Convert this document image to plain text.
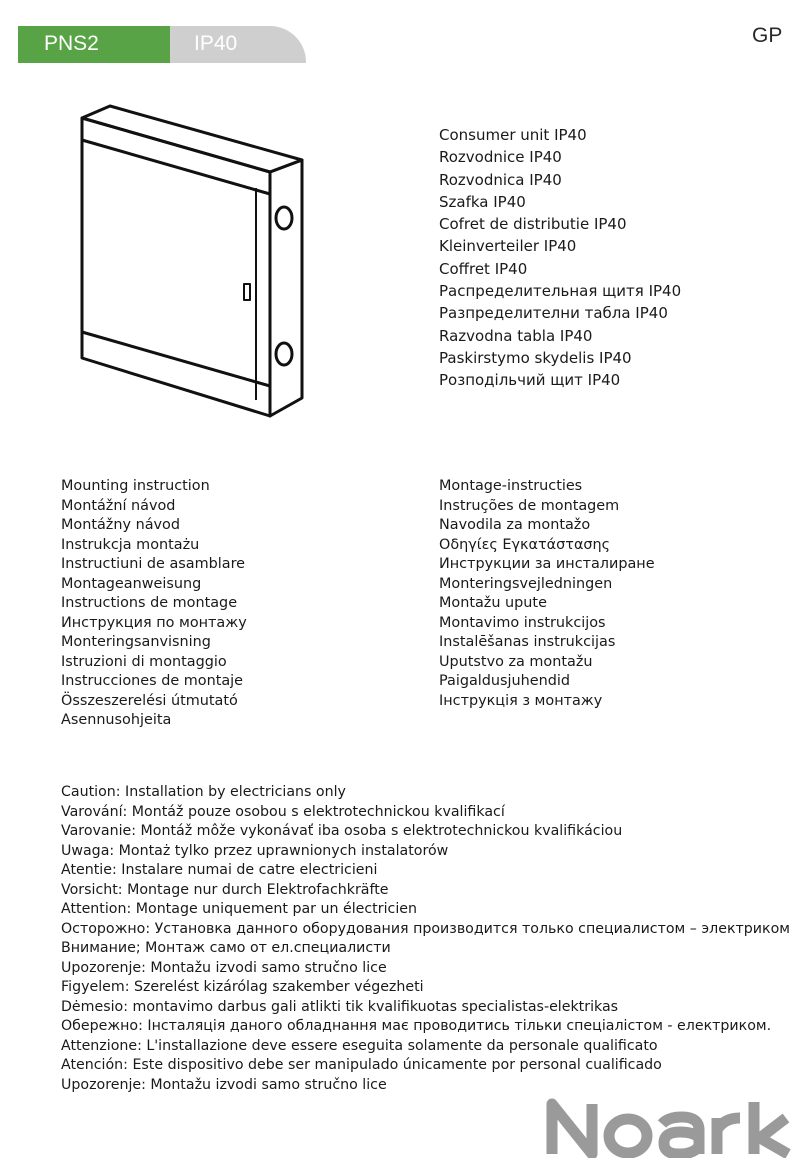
PNS2	IP40	GP
Consumer unit IP40
Rozvodnice IP40
Rozvodnica IP40
Szafka IP40
Cofret de distributie IP40
Kleinverteiler IP40
Coffret IP40
Распределительная щитя IP40
Разпределителни табла IP40
Razvodna tabla IP40
Paskirstymo skydelis IP40
Розподільчий щит IP40
Mounting instruction
Montážní návod
Montážny návod
Instrukcja montażu
Instructiuni de asamblare
Montageanweisung
Instructions de montage
Инструкция по монтажу
Monteringsanvisning
Istruzioni di montaggio
Instrucciones de montaje
Összeszerelési útmutató
Asennusohjeita
Montage-instructies
Instruções de montagem
Navodila za montažo
Οδηγίες Εγκατάστασης
Инструкции за инсталиране
Monteringsvejledningen
Montažu upute
Montavimo instrukcijos
Instalēšanas instrukcijas
Uputstvo za montažu
Paigaldusjuhendid
Інструкція з монтажу
Caution: Installation by electricians only
Varování: Montáž pouze osobou s elektrotechnickou kvalifikací
Varovanie: Montáž môže vykonávať iba osoba s elektrotechnickou kvalifikáciou
Uwaga: Montaż tylko przez uprawnionych instalatorów
Atentie: Instalare numai de catre electricieni
Vorsicht: Montage nur durch Elektrofachkräfte
Attention: Montage uniquement par un électricien
Осторожно: Установка данного оборудования производится только специалистом – электриком
Внимание; Монтаж само от ел.специалисти
Upozorenje: Montažu izvodi samo stručno lice
Figyelem: Szerelést kizárólag szakember végezheti
Dėmesio: montavimo darbus gali atlikti tik kvalifikuotas specialistas-elektrikas
Обережно: Інсталяція даного обладнання має проводитись тільки спеціалістом - електриком.
Attenzione: L'installazione deve essere eseguita solamente da personale qualificato
Atención: Este dispositivo debe ser manipulado únicamente por personal cualificado
Upozorenje: Montažu izvodi samo stručno lice
